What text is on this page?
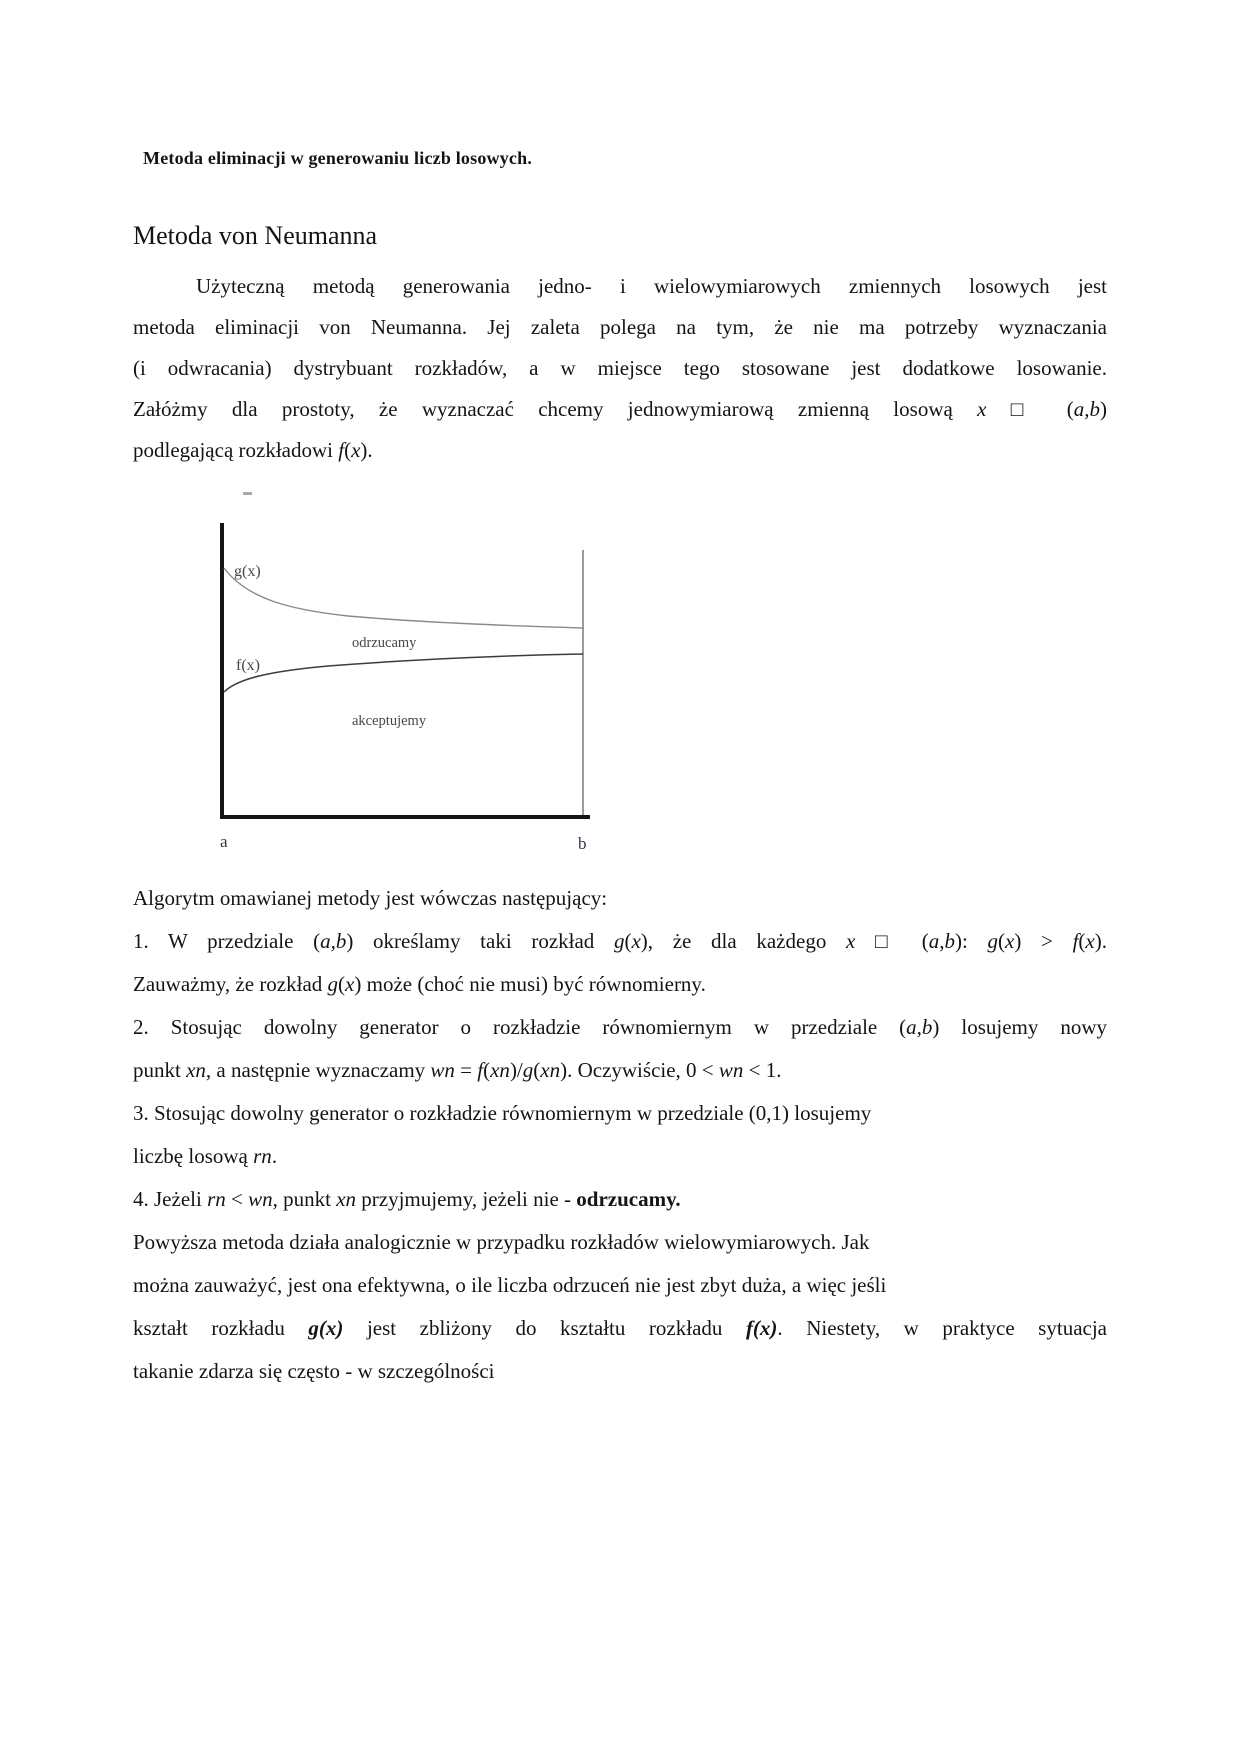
Metoda eliminacji w generowaniu liczb losowych.
Metoda von Neumanna
Użyteczną metodą generowania jedno- i wielowymiarowych zmiennych losowych jest
metoda eliminacji von Neumanna. Jej zaleta polega na tym, że nie ma potrzeby wyznaczania
(i odwracania) dystrybuant rozkładów, a w miejsce tego stosowane jest dodatkowe losowanie.
Załóżmy dla prostoty, że wyznaczać chcemy jednowymiarową zmienną losową x □ (a,b)
podlegającą rozkładowi f(x).
g(x)
f(x)
odrzucamy
akceptujemy
a	b
Algorytm omawianej metody jest wówczas następujący:
1. W przedziale (a,b) określamy taki rozkład g(x), że dla każdego x □ (a,b): g(x) > f(x).
Zauważmy, że rozkład g(x) może (choć nie musi) być równomierny.
2. Stosując dowolny generator o rozkładzie równomiernym w przedziale (a,b) losujemy nowy
punkt xn, a następnie wyznaczamy wn = f(xn)/g(xn). Oczywiście, 0 < wn < 1.
3. Stosując dowolny generator o rozkładzie równomiernym w przedziale (0,1) losujemy
liczbę losową rn.
4. Jeżeli rn < wn, punkt xn przyjmujemy, jeżeli nie - odrzucamy.
Powyższa metoda działa analogicznie w przypadku rozkładów wielowymiarowych. Jak
można zauważyć, jest ona efektywna, o ile liczba odrzuceń nie jest zbyt duża, a więc jeśli
kształt rozkładu g(x) jest zbliżony do kształtu rozkładu f(x). Niestety, w praktyce sytuacja
takanie zdarza się często - w szczególności
